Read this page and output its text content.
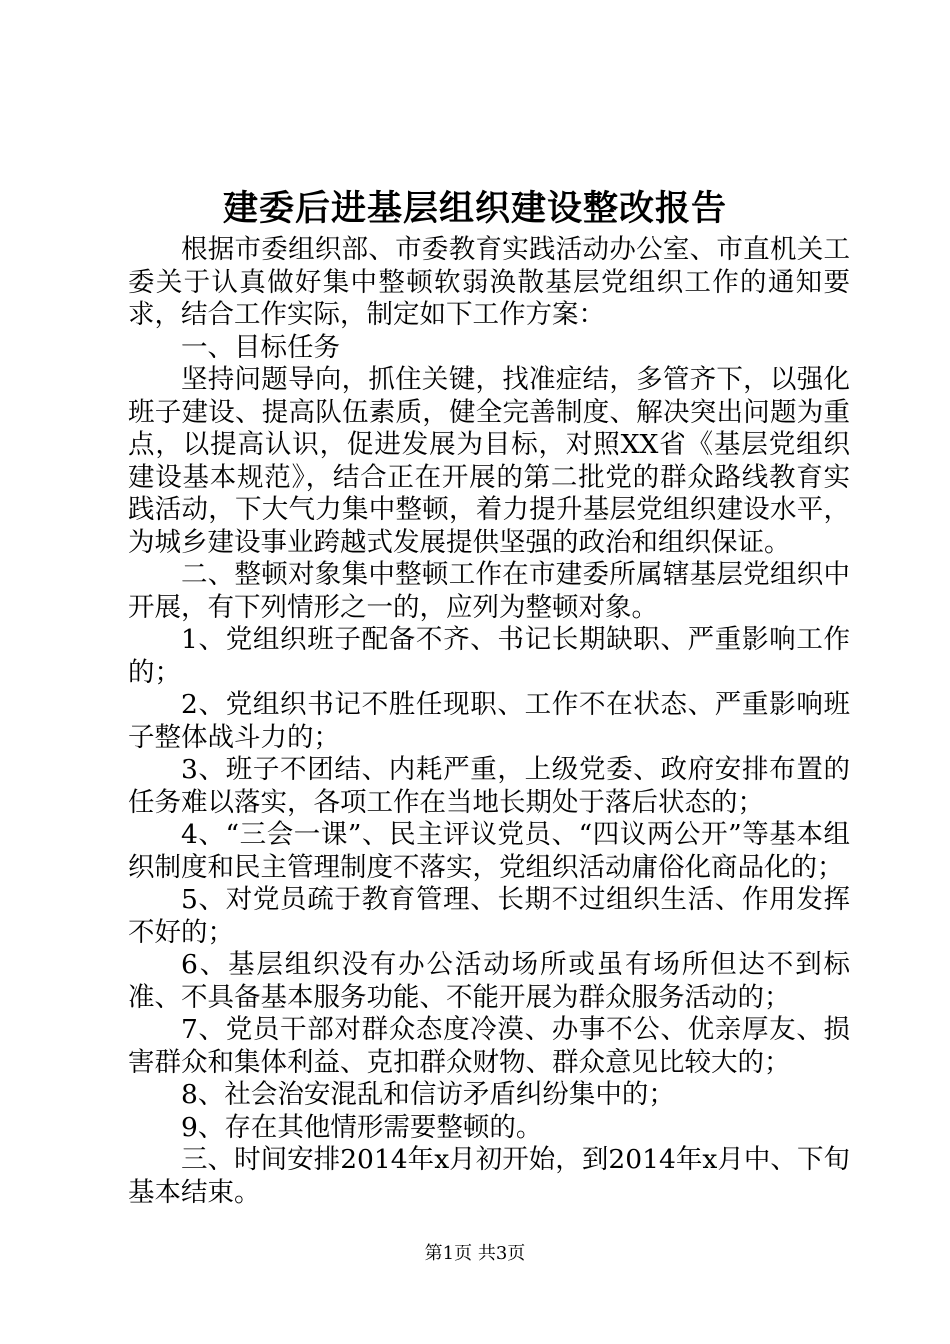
建委后进基层组织建设整改报告

根据市委组织部、市委教育实践活动办公室、市直机关工委关于认真做好集中整顿软弱涣散基层党组织工作的通知要求，结合工作实际，制定如下工作方案：

一、目标任务

坚持问题导向，抓住关键，找准症结，多管齐下，以强化班子建设、提高队伍素质，健全完善制度、解决突出问题为重点，以提高认识，促进发展为目标，对照XX省《基层党组织建设基本规范》，结合正在开展的第二批党的群众路线教育实践活动，下大气力集中整顿，着力提升基层党组织建设水平，为城乡建设事业跨越式发展提供坚强的政治和组织保证。

二、整顿对象集中整顿工作在市建委所属辖基层党组织中开展，有下列情形之一的，应列为整顿对象。

1、党组织班子配备不齐、书记长期缺职、严重影响工作的；

2、党组织书记不胜任现职、工作不在状态、严重影响班子整体战斗力的；

3、班子不团结、内耗严重，上级党委、政府安排布置的任务难以落实，各项工作在当地长期处于落后状态的；

4、“三会一课”、民主评议党员、“四议两公开”等基本组织制度和民主管理制度不落实，党组织活动庸俗化商品化的；

5、对党员疏于教育管理、长期不过组织生活、作用发挥不好的；

6、基层组织没有办公活动场所或虽有场所但达不到标准、不具备基本服务功能、不能开展为群众服务活动的；

7、党员干部对群众态度冷漠、办事不公、优亲厚友、损害群众和集体利益、克扣群众财物、群众意见比较大的；

8、社会治安混乱和信访矛盾纠纷集中的；

9、存在其他情形需要整顿的。

三、时间安排2014年x月初开始，到2014年x月中、下旬基本结束。

第1页 共3页
